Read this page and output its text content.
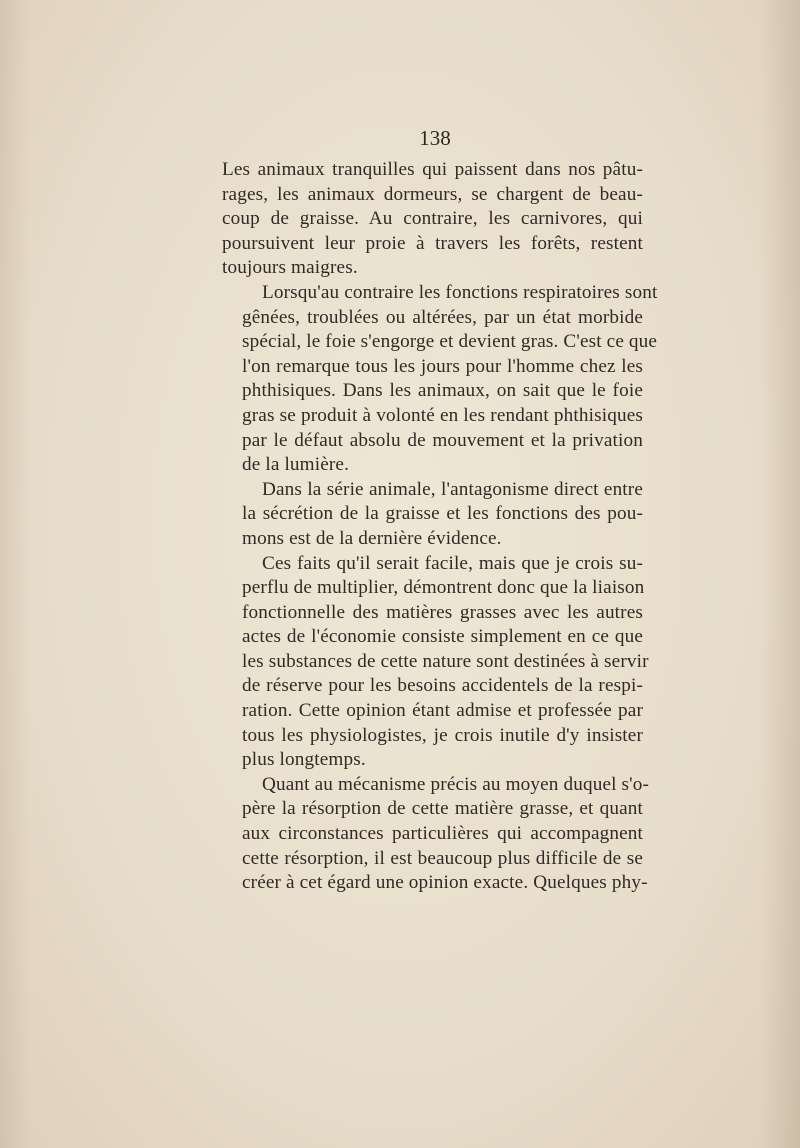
138

Les animaux tranquilles qui paissent dans nos pâtu-
rages, les animaux dormeurs, se chargent de beau-
coup de graisse. Au contraire, les carnivores, qui
poursuivent leur proie à travers les forêts, restent
toujours maigres.

Lorsqu'au contraire les fonctions respiratoires sont
gênées, troublées ou altérées, par un état morbide
spécial, le foie s'engorge et devient gras. C'est ce que
l'on remarque tous les jours pour l'homme chez les
phthisiques. Dans les animaux, on sait que le foie
gras se produit à volonté en les rendant phthisiques
par le défaut absolu de mouvement et la privation
de la lumière.

Dans la série animale, l'antagonisme direct entre
la sécrétion de la graisse et les fonctions des pou-
mons est de la dernière évidence.

Ces faits qu'il serait facile, mais que je crois su-
perflu de multiplier, démontrent donc que la liaison
fonctionnelle des matières grasses avec les autres
actes de l'économie consiste simplement en ce que
les substances de cette nature sont destinées à servir
de réserve pour les besoins accidentels de la respi-
ration. Cette opinion étant admise et professée par
tous les physiologistes, je crois inutile d'y insister
plus longtemps.

Quant au mécanisme précis au moyen duquel s'o-
père la résorption de cette matière grasse, et quant
aux circonstances particulières qui accompagnent
cette résorption, il est beaucoup plus difficile de se
créer à cet égard une opinion exacte. Quelques phy-
